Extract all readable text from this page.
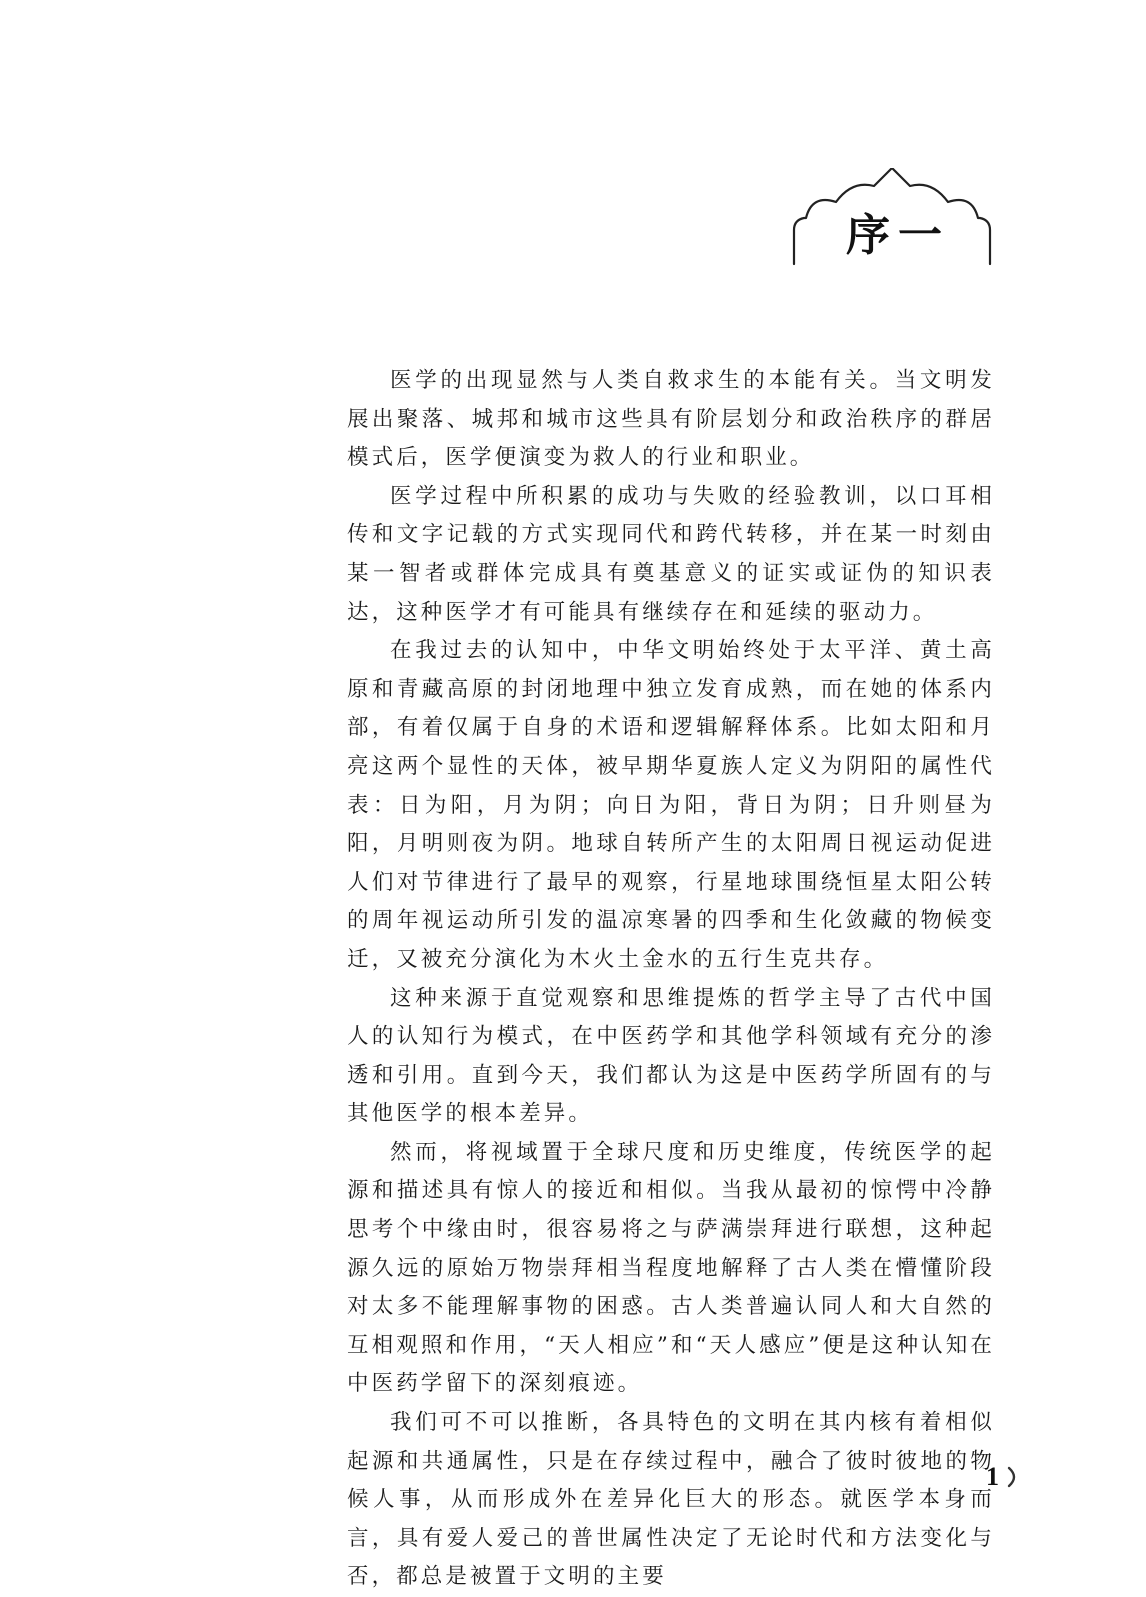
序一

医学的出现显然与人类自救求生的本能有关。当文明发展出聚落、城邦和城市这些具有阶层划分和政治秩序的群居模式后，医学便演变为救人的行业和职业。

医学过程中所积累的成功与失败的经验教训，以口耳相传和文字记载的方式实现同代和跨代转移，并在某一时刻由某一智者或群体完成具有奠基意义的证实或证伪的知识表达，这种医学才有可能具有继续存在和延续的驱动力。

在我过去的认知中，中华文明始终处于太平洋、黄土高原和青藏高原的封闭地理中独立发育成熟，而在她的体系内部，有着仅属于自身的术语和逻辑解释体系。比如太阳和月亮这两个显性的天体，被早期华夏族人定义为阴阳的属性代表：日为阳，月为阴；向日为阳，背日为阴；日升则昼为阳，月明则夜为阴。地球自转所产生的太阳周日视运动促进人们对节律进行了最早的观察，行星地球围绕恒星太阳公转的周年视运动所引发的温凉寒暑的四季和生化敛藏的物候变迁，又被充分演化为木火土金水的五行生克共存。

这种来源于直觉观察和思维提炼的哲学主导了古代中国人的认知行为模式，在中医药学和其他学科领域有充分的渗透和引用。直到今天，我们都认为这是中医药学所固有的与其他医学的根本差异。

然而，将视域置于全球尺度和历史维度，传统医学的起源和描述具有惊人的接近和相似。当我从最初的惊愕中冷静思考个中缘由时，很容易将之与萨满崇拜进行联想，这种起源久远的原始万物崇拜相当程度地解释了古人类在懵懂阶段对太多不能理解事物的困惑。古人类普遍认同人和大自然的互相观照和作用，“天人相应”和“天人感应”便是这种认知在中医药学留下的深刻痕迹。

我们可不可以推断，各具特色的文明在其内核有着相似起源和共通属性，只是在存续过程中，融合了彼时彼地的物候人事，从而形成外在差异化巨大的形态。就医学本身而言，具有爱人爱己的普世属性决定了无论时代和方法变化与否，都总是被置于文明的主要

1
